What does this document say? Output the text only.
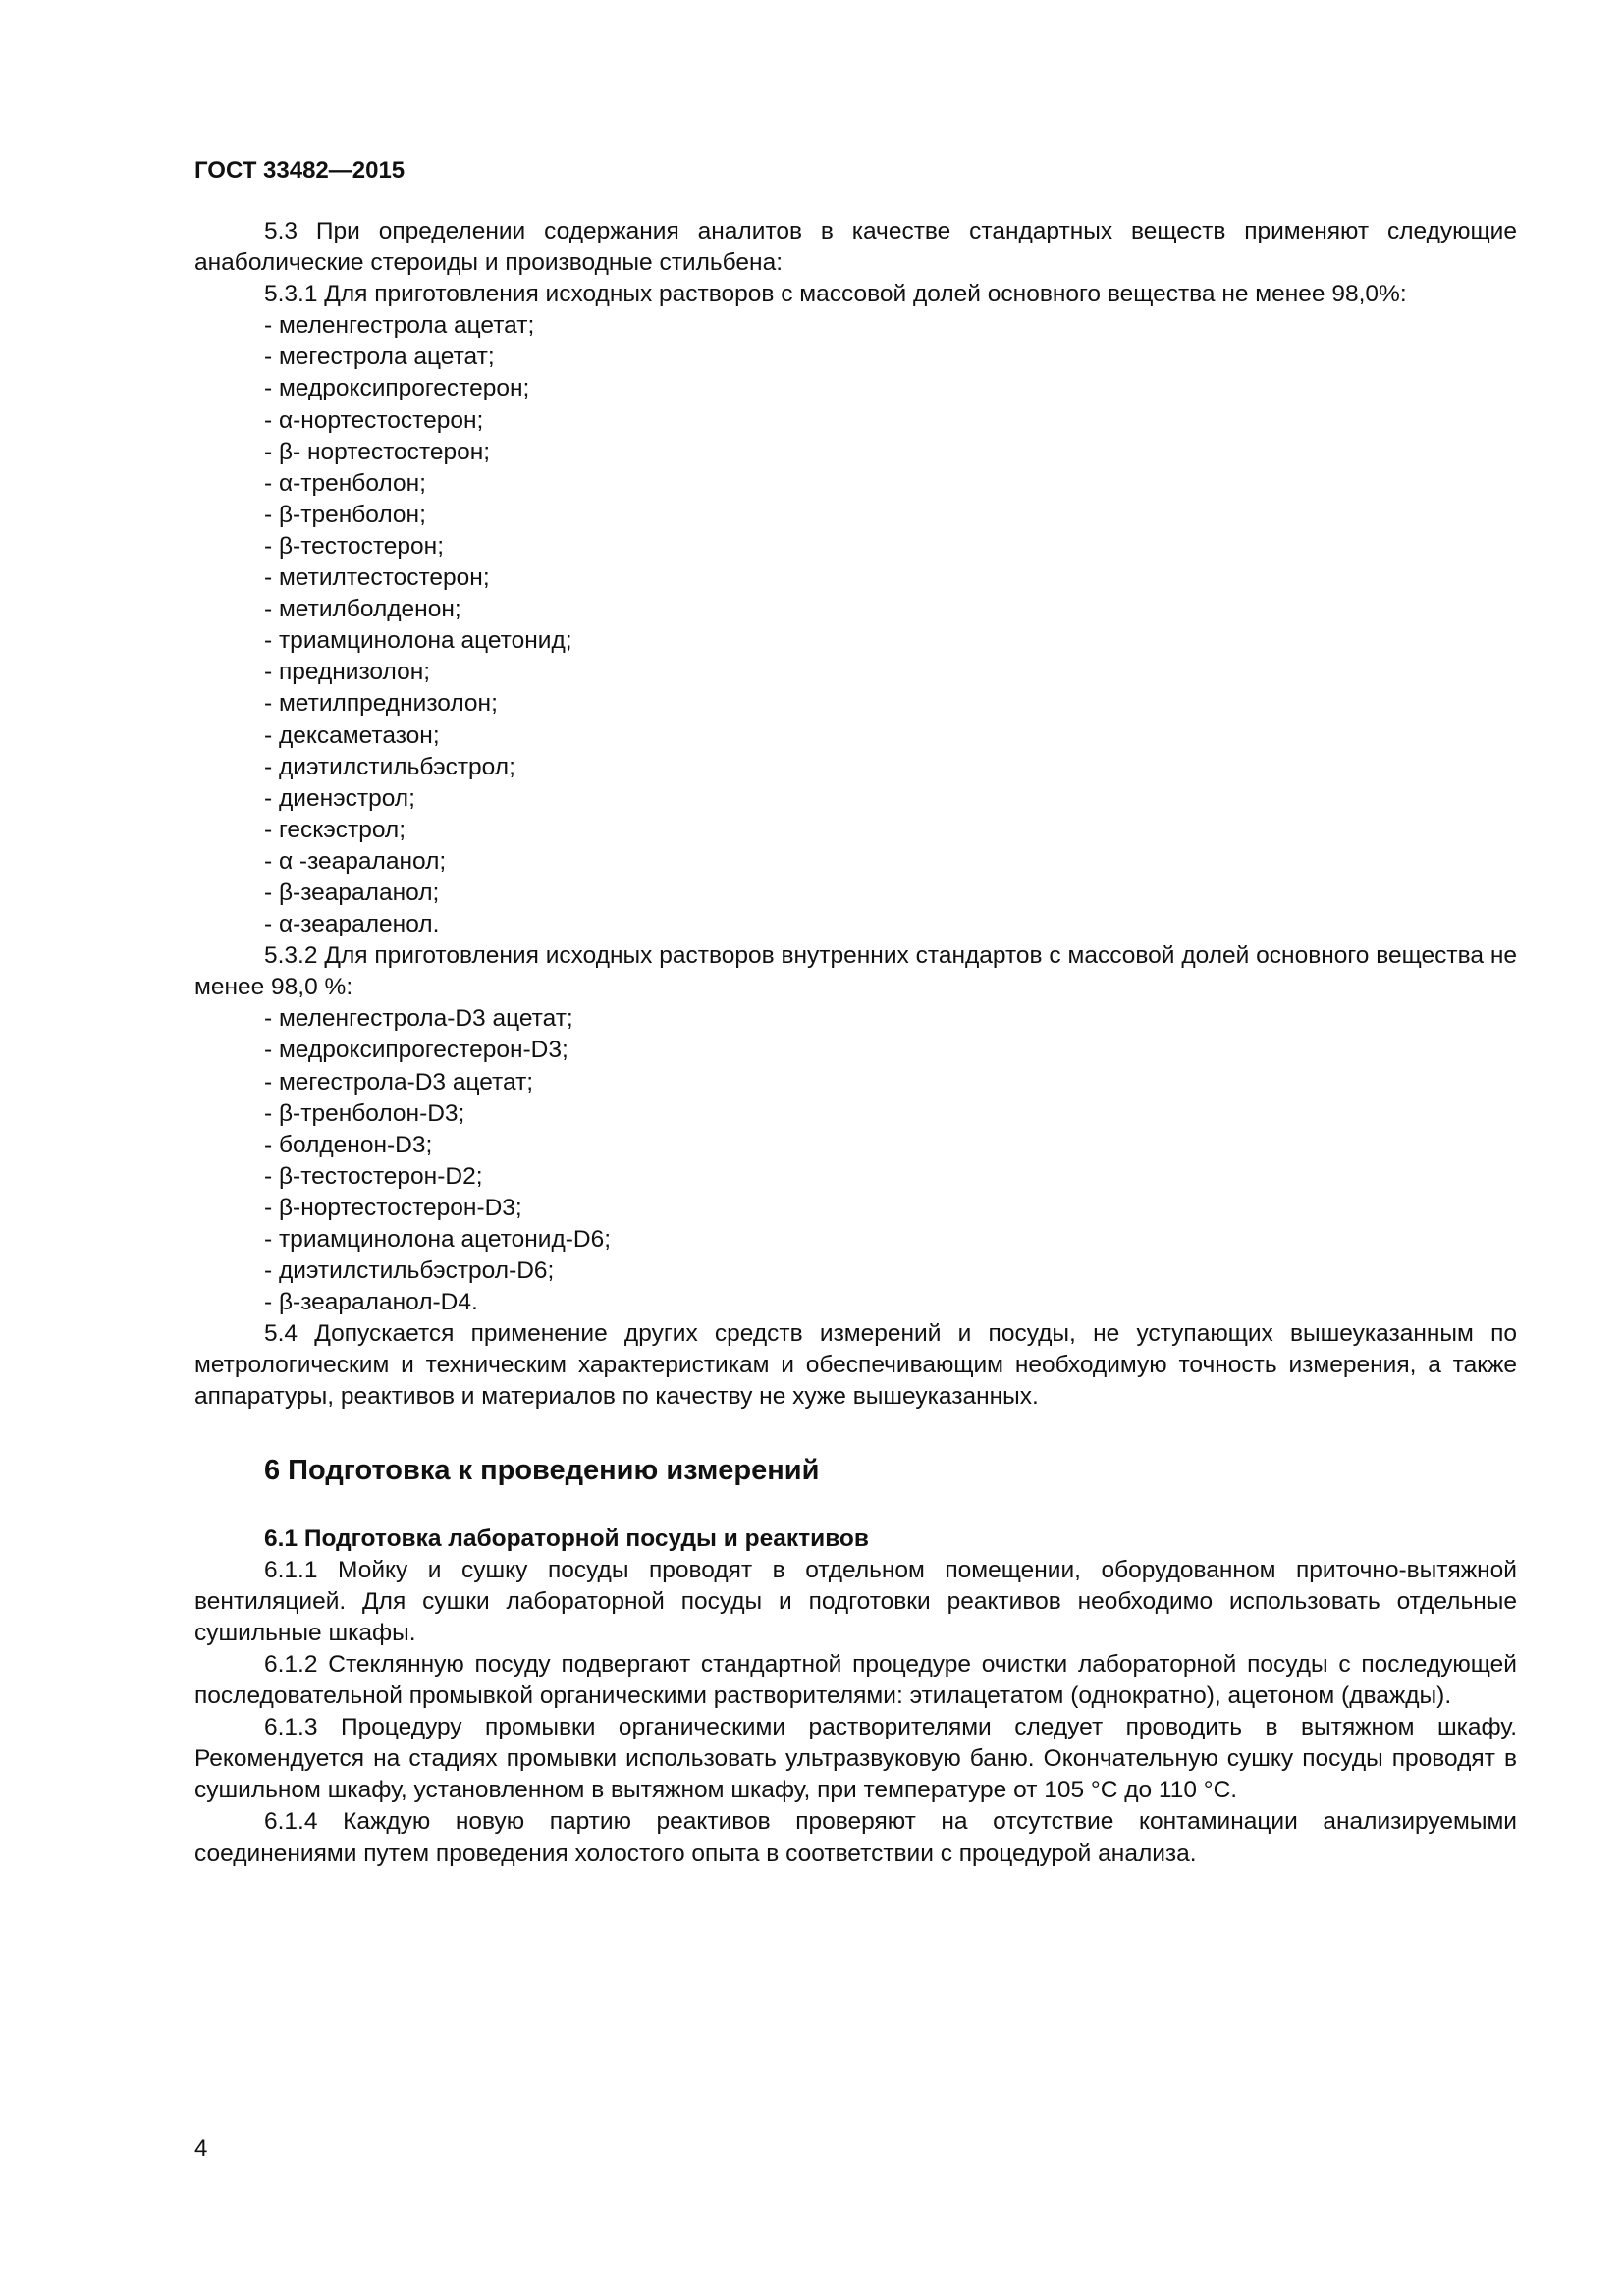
ГОСТ 33482—2015

5.3 При определении содержания аналитов в качестве стандартных веществ применяют следующие анаболические стероиды и производные стильбена:

5.3.1 Для приготовления исходных растворов с массовой долей основного вещества не менее 98,0%:

- меленгестрола ацетат;
- мегестрола ацетат;
- медроксипрогестерон;
- α-нортестостерон;
- β- нортестостерон;
- α-тренболон;
- β-тренболон;
- β-тестостерон;
- метилтестостерон;
- метилболденон;
- триамцинолона ацетонид;
- преднизолон;
- метилпреднизолон;
- дексаметазон;
- диэтилстильбэстрол;
- диенэстрол;
- гескэстрол;
- α -зеараланол;
- β-зеараланол;
- α-зеараленол.

5.3.2 Для приготовления исходных растворов внутренних стандартов с массовой долей основного вещества не менее 98,0 %:

- меленгестрола-D3 ацетат;
- медроксипрогестерон-D3;
- мегестрола-D3 ацетат;
- β-тренболон-D3;
- болденон-D3;
- β-тестостерон-D2;
- β-нортестостерон-D3;
- триамцинолона ацетонид-D6;
- диэтилстильбэстрол-D6;
- β-зеараланол-D4.

5.4 Допускается применение других средств измерений и посуды, не уступающих вышеуказанным по метрологическим и техническим характеристикам и обеспечивающим необходимую точность измерения, а также аппаратуры, реактивов и материалов по качеству не хуже вышеуказанных.

6 Подготовка к проведению измерений

6.1 Подготовка лабораторной посуды и реактивов

6.1.1 Мойку и сушку посуды проводят в отдельном помещении, оборудованном приточно-вытяжной вентиляцией. Для сушки лабораторной посуды и подготовки реактивов необходимо использовать отдельные сушильные шкафы.

6.1.2 Стеклянную посуду подвергают стандартной процедуре очистки лабораторной посуды с последующей последовательной промывкой органическими растворителями: этилацетатом (однократно), ацетоном (дважды).

6.1.3 Процедуру промывки органическими растворителями следует проводить в вытяжном шкафу. Рекомендуется на стадиях промывки использовать ультразвуковую баню. Окончательную сушку посуды проводят в сушильном шкафу, установленном в вытяжном шкафу, при температуре от 105 °С до 110 °С.

6.1.4 Каждую новую партию реактивов проверяют на отсутствие контаминации анализируемыми соединениями путем проведения холостого опыта в соответствии с процедурой анализа.

4
